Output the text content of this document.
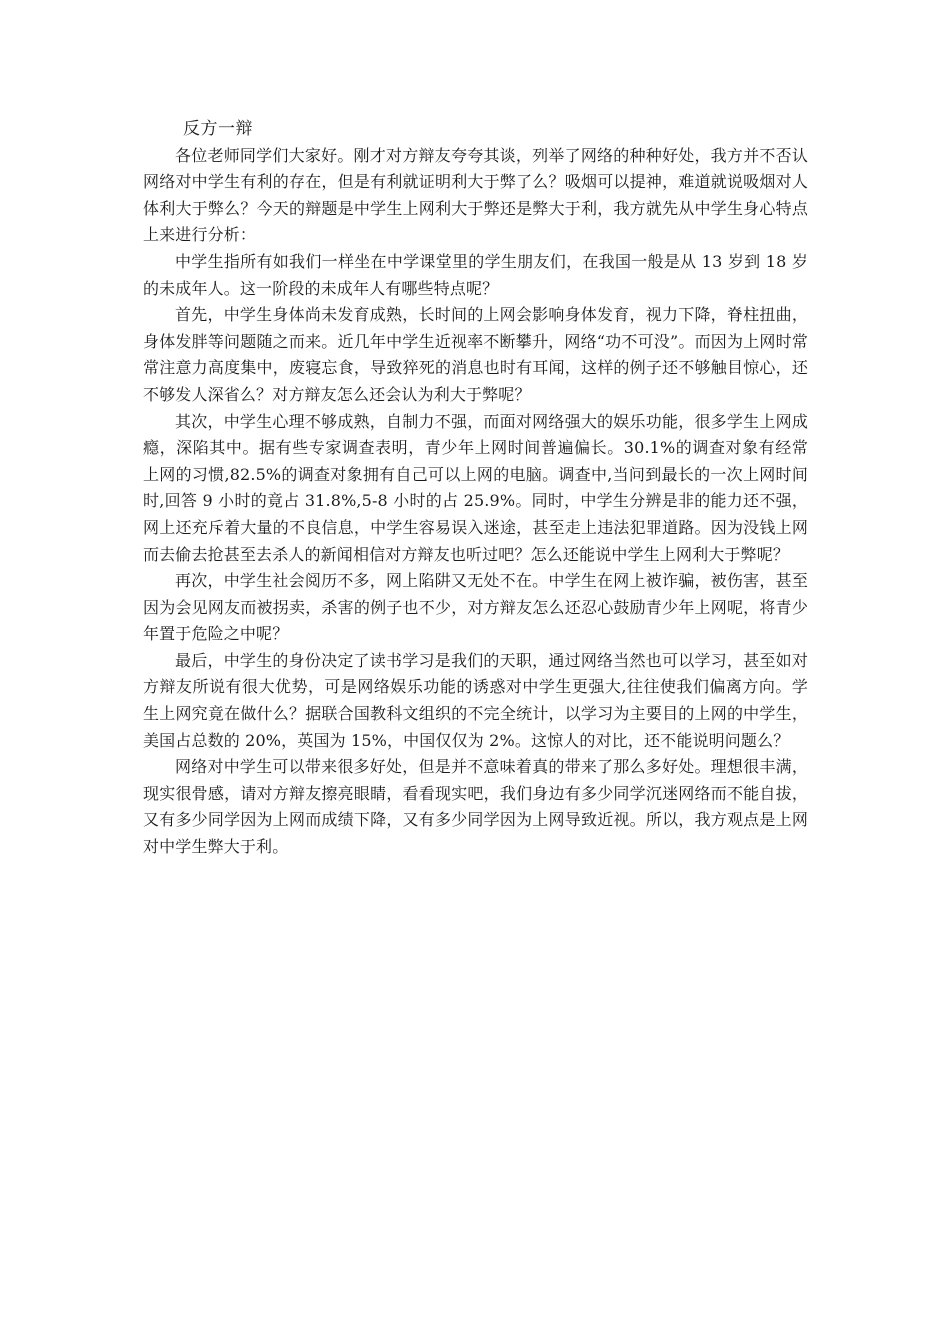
反方一辩

各位老师同学们大家好。刚才对方辩友夸夸其谈，列举了网络的种种好处，我方并不否认网络对中学生有利的存在，但是有利就证明利大于弊了么？吸烟可以提神，难道就说吸烟对人体利大于弊么？今天的辩题是中学生上网利大于弊还是弊大于利，我方就先从中学生身心特点上来进行分析：

中学生指所有如我们一样坐在中学课堂里的学生朋友们，在我国一般是从 13 岁到 18 岁的未成年人。这一阶段的未成年人有哪些特点呢？

首先，中学生身体尚未发育成熟，长时间的上网会影响身体发育，视力下降，脊柱扭曲，身体发胖等问题随之而来。近几年中学生近视率不断攀升，网络“功不可没”。而因为上网时常常注意力高度集中，废寝忘食，导致猝死的消息也时有耳闻，这样的例子还不够触目惊心，还不够发人深省么？对方辩友怎么还会认为利大于弊呢？

其次，中学生心理不够成熟，自制力不强，而面对网络强大的娱乐功能，很多学生上网成瘾，深陷其中。据有些专家调查表明，青少年上网时间普遍偏长。30.1%的调查对象有经常上网的习惯,82.5%的调查对象拥有自己可以上网的电脑。调查中,当问到最长的一次上网时间时,回答 9 小时的竟占 31.8%,5-8 小时的占 25.9%。同时，中学生分辨是非的能力还不强，网上还充斥着大量的不良信息，中学生容易误入迷途，甚至走上违法犯罪道路。因为没钱上网而去偷去抢甚至去杀人的新闻相信对方辩友也听过吧？怎么还能说中学生上网利大于弊呢？

再次，中学生社会阅历不多，网上陷阱又无处不在。中学生在网上被诈骗，被伤害，甚至因为会见网友而被拐卖，杀害的例子也不少，对方辩友怎么还忍心鼓励青少年上网呢，将青少年置于危险之中呢？

最后，中学生的身份决定了读书学习是我们的天职，通过网络当然也可以学习，甚至如对方辩友所说有很大优势，可是网络娱乐功能的诱惑对中学生更强大,往往使我们偏离方向。学生上网究竟在做什么？据联合国教科文组织的不完全统计，以学习为主要目的上网的中学生，美国占总数的 20%，英国为 15%，中国仅仅为 2%。这惊人的对比，还不能说明问题么？

网络对中学生可以带来很多好处，但是并不意味着真的带来了那么多好处。理想很丰满，现实很骨感，请对方辩友擦亮眼睛，看看现实吧，我们身边有多少同学沉迷网络而不能自拔，又有多少同学因为上网而成绩下降，又有多少同学因为上网导致近视。所以，我方观点是上网对中学生弊大于利。
